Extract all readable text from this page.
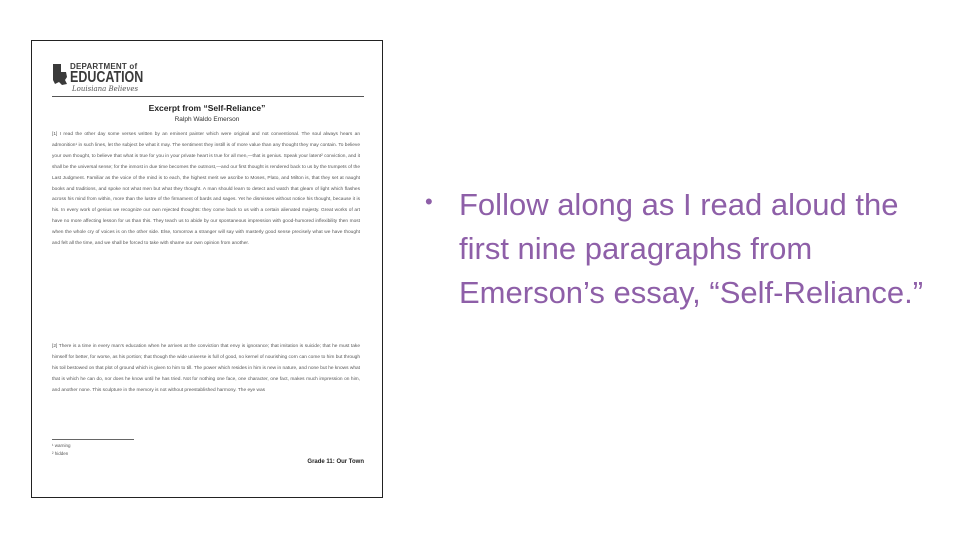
DEPARTMENT of
EDUCATION
Louisiana Believes
Excerpt from “Self-Reliance”
Ralph Waldo Emerson
[1] I read the other day some verses written by an eminent painter which were original and not conventional. The soul always hears an admonition¹ in such lines, let the subject be what it may. The sentiment they instill is of more value than any thought they may contain. To believe your own thought, to believe that what is true for you in your private heart is true for all men,—that is genius. Speak your latent² conviction, and it shall be the universal sense; for the inmost in due time becomes the outmost,—and our first thought is rendered back to us by the trumpets of the Last Judgment. Familiar as the voice of the mind is to each, the highest merit we ascribe to Moses, Plato, and Milton is, that they set at naught books and traditions, and spoke not what men but what they thought. A man should learn to detect and watch that gleam of light which flashes across his mind from within, more than the lustre of the firmament of bards and sages. Yet he dismisses without notice his thought, because it is his. In every work of genius we recognize our own rejected thoughts: they come back to us with a certain alienated majesty. Great works of art have no more affecting lesson for us than this. They teach us to abide by our spontaneous impression with good-humored inflexibility then most when the whole cry of voices is on the other side. Else, tomorrow a stranger will say with masterly good sense precisely what we have thought and felt all the time, and we shall be forced to take with shame our own opinion from another.
[2] There is a time in every man’s education when he arrives at the conviction that envy is ignorance; that imitation is suicide; that he must take himself for better, for worse, as his portion; that though the wide universe is full of good, no kernel of nourishing corn can come to him but through his toil bestowed on that plot of ground which is given to him to till. The power which resides in him is new in nature, and none but he knows what that is which he can do, nor does he know until he has tried. Not for nothing one face, one character, one fact, makes much impression on him, and another none. This sculpture in the memory is not without preestablished harmony. The eye was
¹ warning
² hidden
Grade 11: Our Town
• Follow along as I read aloud the first nine paragraphs from Emerson’s essay, “Self-Reliance.”
